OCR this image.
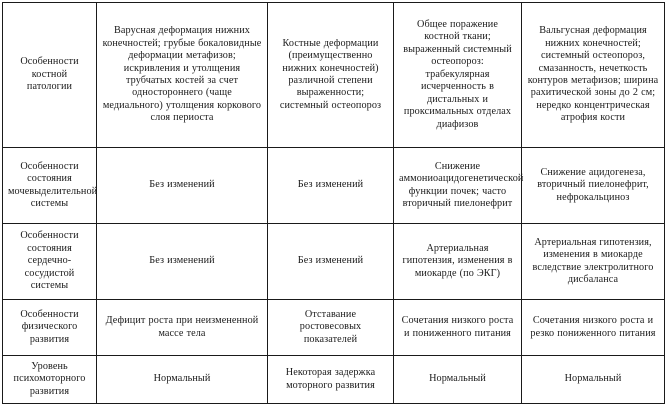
Особенности костной патологии	Варусная деформация нижних конечностей; грубые бокаловидные деформации метафизов; искривления и утолщения трубчатых костей за счет одностороннего (чаще медиального) утолщения коркового слоя периоста	Костные деформации (преимущественно нижних конечностей) различной степени выраженности; системный остеопороз	Общее поражение костной ткани; выраженный системный остеопороз: трабекулярная исчерченность в дистальных и проксимальных отделах диафизов	Вальгусная деформация нижних конечностей; системный остеопороз, смазанность, нечеткость контуров метафизов; ширина рахитической зоны до 2 см; нередко концентрическая атрофия кости

Особенности состояния мочевыделительной системы	Без изменений	Без изменений	Снижение аммониоацидогенетической функции почек; часто вторичный пиелонефрит	Снижение ацидогенеза, вторичный пиелонефрит, нефрокальциноз

Особенности состояния сердечно-сосудистой системы	Без изменений	Без изменений	Артериальная гипотензия, изменения в миокарде (по ЭКГ)	Артериальная гипотензия, изменения в миокарде вследствие электролитного дисбаланса

Особенности физического развития	Дефицит роста при неизмененной массе тела	Отставание ростовесовых показателей	Сочетания низкого роста и пониженного питания	Сочетания низкого роста и резко пониженного питания

Уровень психомоторного развития	Нормальный	Некоторая задержка моторного развития	Нормальный	Нормальный
